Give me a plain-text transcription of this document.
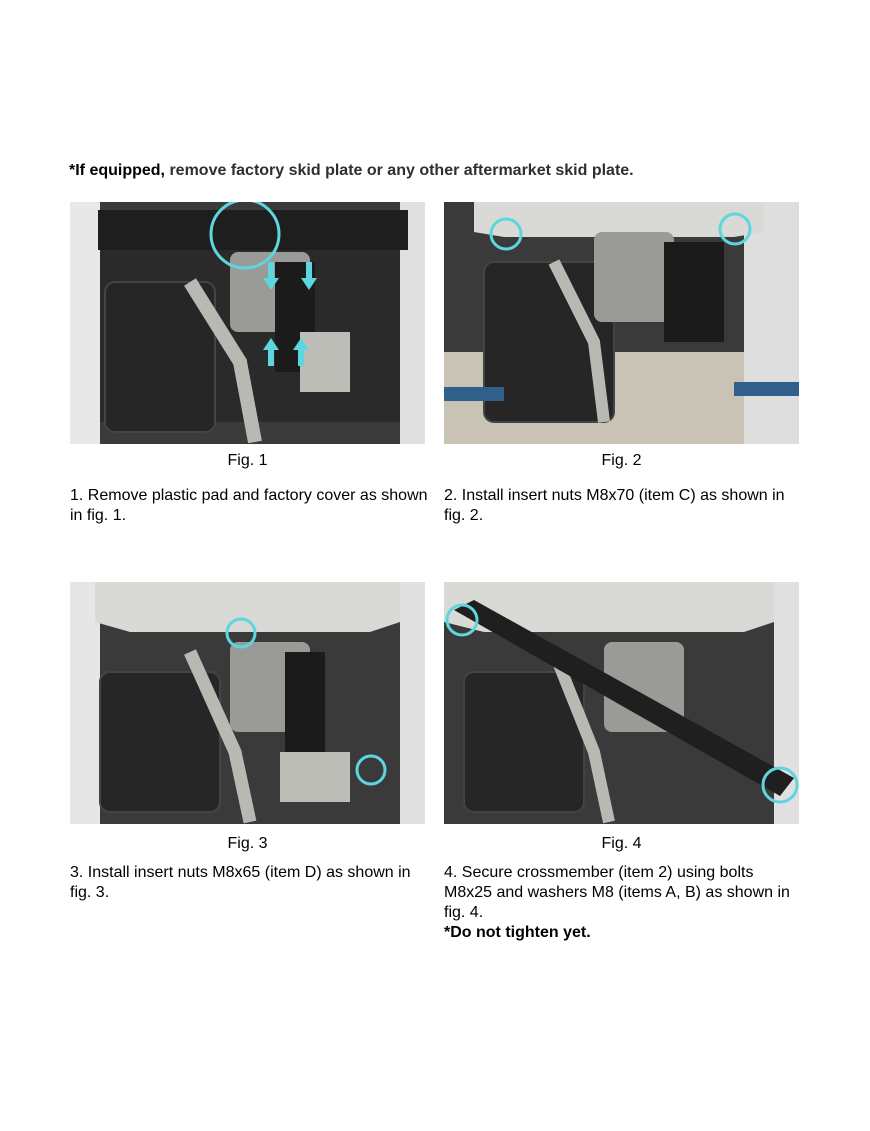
*If equipped, remove factory skid plate or any other aftermarket skid plate.
Fig. 1
1. Remove plastic pad and factory cover as shown in fig. 1.
Fig. 2
2. Install insert nuts M8x70 (item C) as shown in fig. 2.
Fig. 3
3. Install insert nuts M8x65 (item D) as shown in fig. 3.
Fig. 4
4. Secure crossmember (item 2) using bolts M8x25 and washers M8 (items A, B) as shown in fig. 4.
*Do not tighten yet.
